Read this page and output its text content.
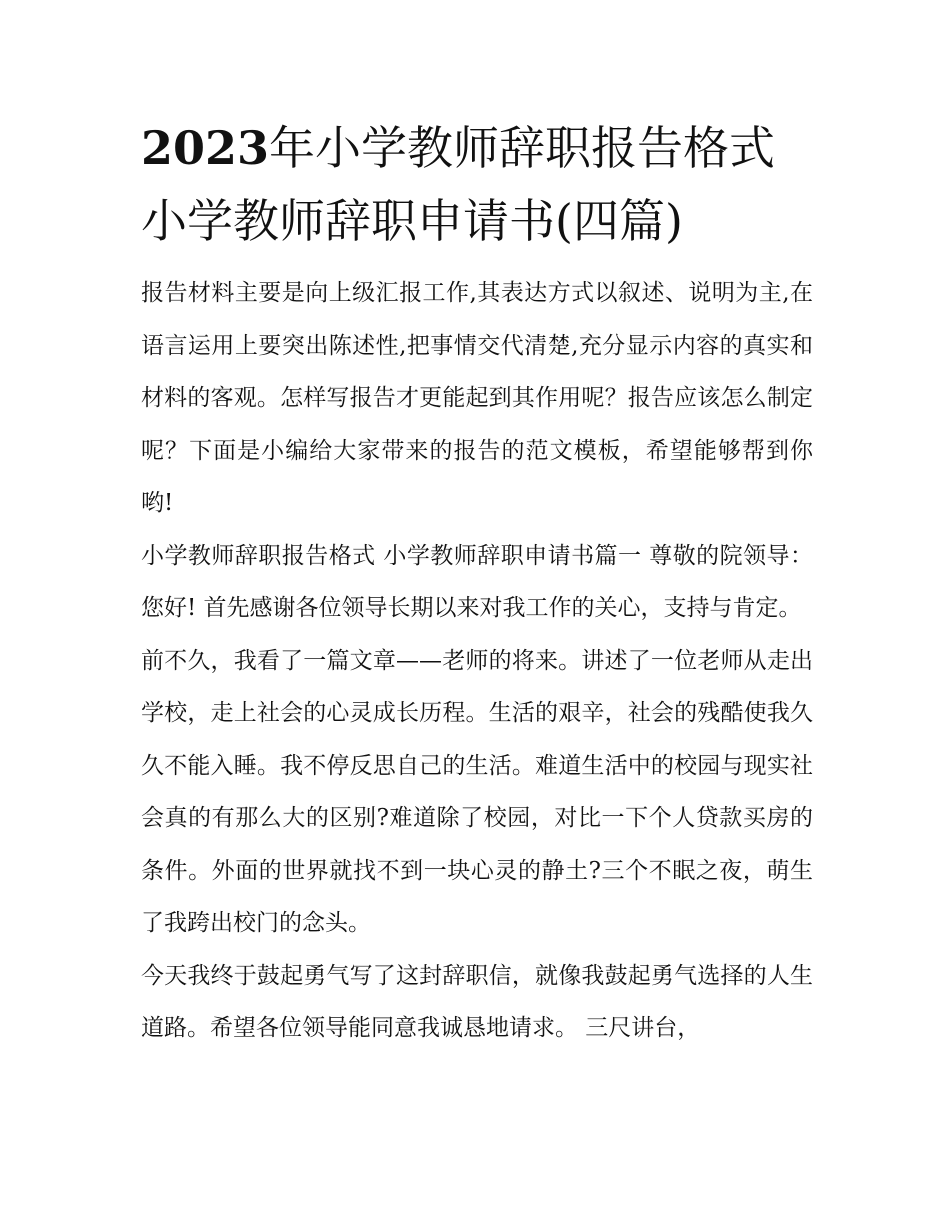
2023年小学教师辞职报告格式小学教师辞职申请书(四篇)

报告材料主要是向上级汇报工作,其表达方式以叙述、说明为主,在语言运用上要突出陈述性,把事情交代清楚,充分显示内容的真实和材料的客观。怎样写报告才更能起到其作用呢？报告应该怎么制定呢？下面是小编给大家带来的报告的范文模板，希望能够帮到你哟!

小学教师辞职报告格式 小学教师辞职申请书篇一 尊敬的院领导： 您好! 首先感谢各位领导长期以来对我工作的关心，支持与肯定。

前不久，我看了一篇文章——老师的将来。讲述了一位老师从走出学校，走上社会的心灵成长历程。生活的艰辛，社会的残酷使我久久不能入睡。我不停反思自己的生活。难道生活中的校园与现实社会真的有那么大的区别?难道除了校园，对比一下个人贷款买房的条件。外面的世界就找不到一块心灵的静土?三个不眠之夜，萌生了我跨出校门的念头。

今天我终于鼓起勇气写了这封辞职信，就像我鼓起勇气选择的人生道路。希望各位领导能同意我诚恳地请求。 三尺讲台，
